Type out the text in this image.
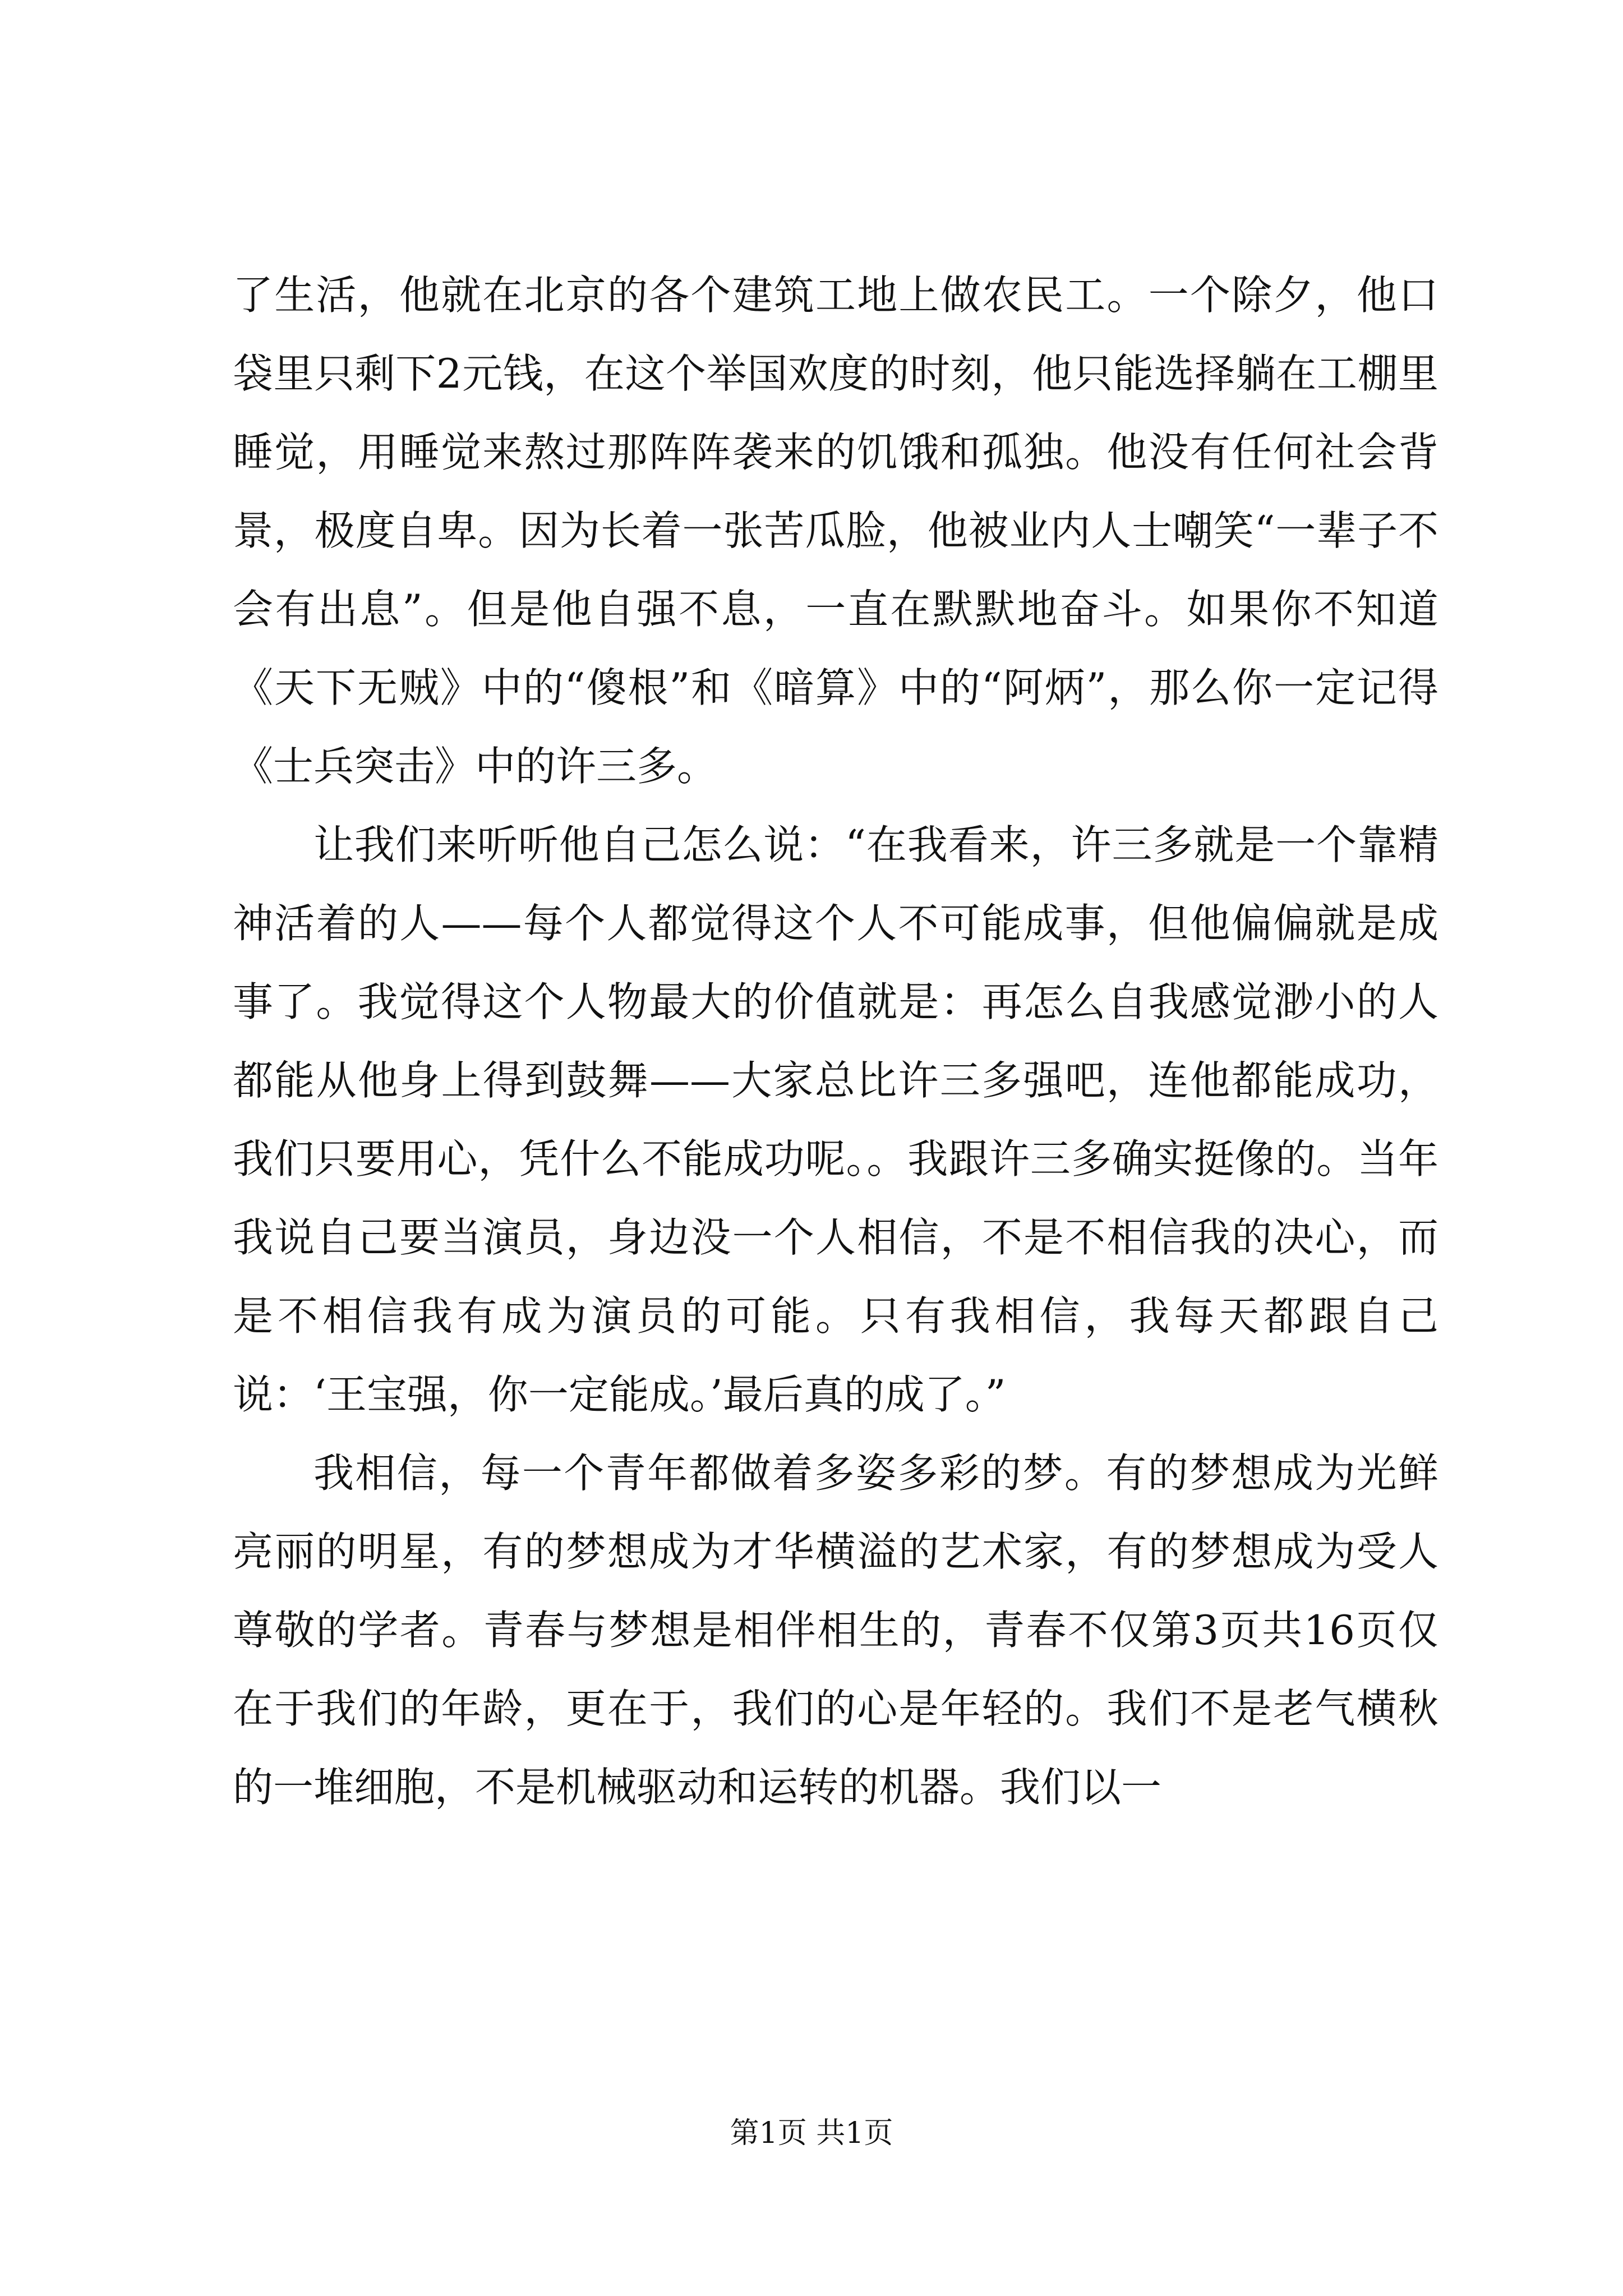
了生活，他就在北京的各个建筑工地上做农民工。一个除夕，他口袋里只剩下2元钱，在这个举国欢度的时刻，他只能选择躺在工棚里睡觉，用睡觉来熬过那阵阵袭来的饥饿和孤独。他没有任何社会背景，极度自卑。因为长着一张苦瓜脸，他被业内人士嘲笑“一辈子不会有出息”。但是他自强不息，一直在默默地奋斗。如果你不知道《天下无贼》中的“傻根”和《暗算》中的“阿炳”，那么你一定记得《士兵突击》中的许三多。

让我们来听听他自己怎么说：“在我看来，许三多就是一个靠精神活着的人——每个人都觉得这个人不可能成事，但他偏偏就是成事了。我觉得这个人物最大的价值就是：再怎么自我感觉渺小的人都能从他身上得到鼓舞——大家总比许三多强吧，连他都能成功，我们只要用心，凭什么不能成功呢。。我跟许三多确实挺像的。当年我说自己要当演员，身边没一个人相信，不是不相信我的决心，而是不相信我有成为演员的可能。只有我相信，我每天都跟自己说：‘王宝强，你一定能成。’最后真的成了。”

我相信，每一个青年都做着多姿多彩的梦。有的梦想成为光鲜亮丽的明星，有的梦想成为才华横溢的艺术家，有的梦想成为受人尊敬的学者。青春与梦想是相伴相生的，青春不仅第3页共16页仅在于我们的年龄，更在于，我们的心是年轻的。我们不是老气横秋的一堆细胞，不是机械驱动和运转的机器。我们以一

第1页 共1页
